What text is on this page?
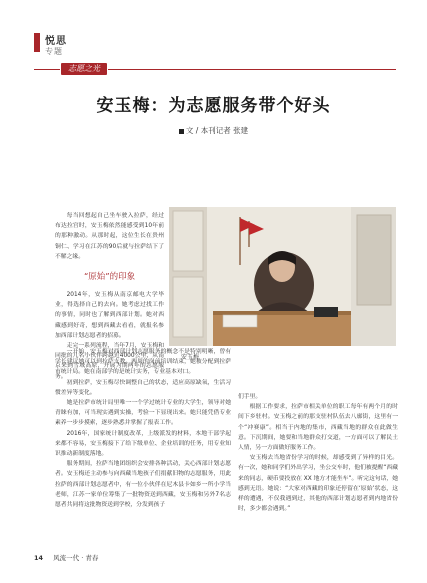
悦思
专题
志愿之光
安玉梅：为志愿服务带个好头
文 / 本刊记者 张建
安玉梅

每当回想起自己坐车驶入拉萨，经过布达拉宫时，安玉梅依然能感受到10年前的那种激动。从那时起，这位生长在贵州铜仁、学习在江苏的90后就与拉萨结下了不解之缘。

“原始”的印象

2014年，安玉梅从南京邮电大学毕业，得选择自己的去向。她考虑过找工作的事情，同时也了解到西部计划。她对西藏感到好奇，想到西藏去看看，就报名参加西部计划志愿者的招募。

走完一系列流程，当年7月，安玉梅和同批的几名小伙伴跨越近4000公里，从南京来到雪域高原，开展为期两年的志愿服务。

一开始，安玉梅对西部计划志愿服务的概念不是特别明晰，曾有学长建议她可以到拉萨支教。两周的岗前培训结束，她被分配到拉萨市统计局。她在南部学的是统计实务，专业基本对口。

初到拉萨，安玉梅尽快调整自己的状态，适应高原缺氧，生活习惯差异等变化。

她是拉萨市统计局里唯一一个学过统计专业的大学生，领导对她青睐有加，可当现实遇到实操，考验一下显现出来。她只能凭借专业素养一步步摸索，逐步熟悉并掌握了报表工作。

2016年，国家统计制度改革，上级派发的材料，本地干部学起来都不容易，安玉梅接下了给下级单位、企业培训的任务，用专业知识推动新制度落地。

服务期间，拉萨当地团组织会安排各种活动，关心西部计划志愿者。安玉梅还主动参与向西藏当地孩子们捐献旧物的志愿服务，用此拉萨的西部计划志愿者中，有一位小伙伴在尼木县卡如乡一所小学当老师，江苏一家单位筹集了一批物资送到西藏，安玉梅和另外7名志愿者共同将这批物资送到学校，分发到孩子

们手里。

根据工作要求，拉萨市相关单位的职工每年有两个月的时间下乡驻村。安玉梅之前的那支驻村队伍去八廓街，这里有一个“冲赛康”。相当于内地的集市，西藏当地的群众在此做生意。下沉期间，她要和当地群众打交道，一方面可以了解民土人情，另一方面做好服务工作。

安玉梅去当地省份学习的时候，却感受到了异样的目光。有一次，她和同学们外出学习，坐公交车时，他们被提醒“西藏来的同志，硬币要投放在 XX 地方才能坐车”。听完这句话，她感到无语。她说：“大家对西藏的印象还停留在‘原始’状态，这样的遭遇，不仅我遇到过，其他的西部计划志愿者到内地省份时，多少都会遇到。”

14 风流一代 · 青春
